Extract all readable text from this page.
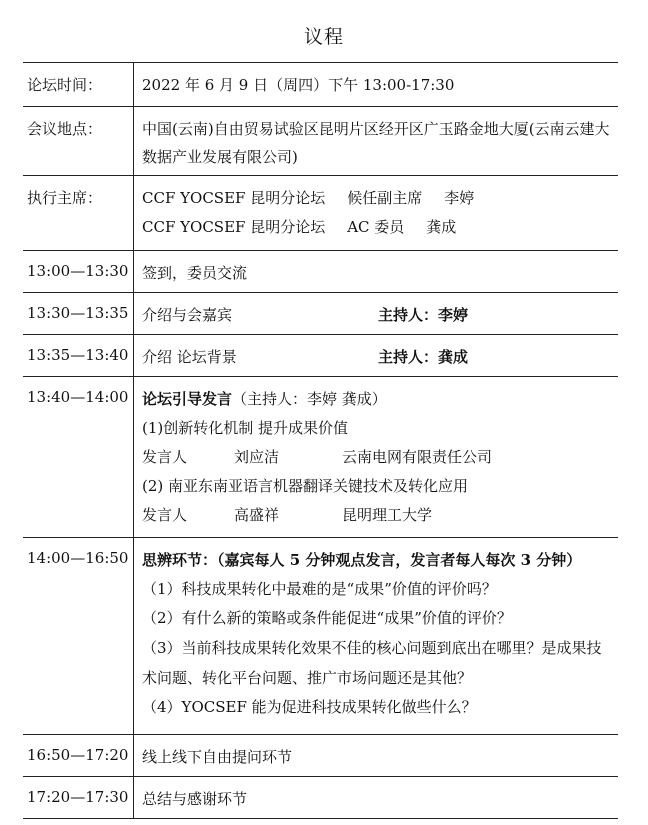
议程
论坛时间：	2022 年 6 月 9 日（周四）下午 13:00-17:30

会议地点：	中国(云南)自由贸易试验区昆明片区经开区广玉路金地大厦(云南云建大数据产业发展有限公司)

执行主席：	CCF YOCSEF 昆明分论坛 候任副主席 李婷
CCF YOCSEF 昆明分论坛 AC 委员 龚成

13:00—13:30	签到，委员交流

13:30—13:35	介绍与会嘉宾 主持人：李婷

13:35—13:40	介绍 论坛背景 主持人：龚成

13:40—14:00	论坛引导发言（主持人：李婷 龚成）
(1)创新转化机制 提升成果价值
发言人 刘应洁 云南电网有限责任公司
(2) 南亚东南亚语言机器翻译关键技术及转化应用
发言人 高盛祥 昆明理工大学

14:00—16:50	思辨环节：（嘉宾每人 5 分钟观点发言，发言者每人每次 3 分钟）
（1）科技成果转化中最难的是“成果”价值的评价吗？
（2）有什么新的策略或条件能促进“成果”价值的评价？
（3）当前科技成果转化效果不佳的核心问题到底出在哪里？是成果技术问题、转化平台问题、推广市场问题还是其他？
（4）YOCSEF 能为促进科技成果转化做些什么？

16:50—17:20	线上线下自由提问环节

17:20—17:30	总结与感谢环节
